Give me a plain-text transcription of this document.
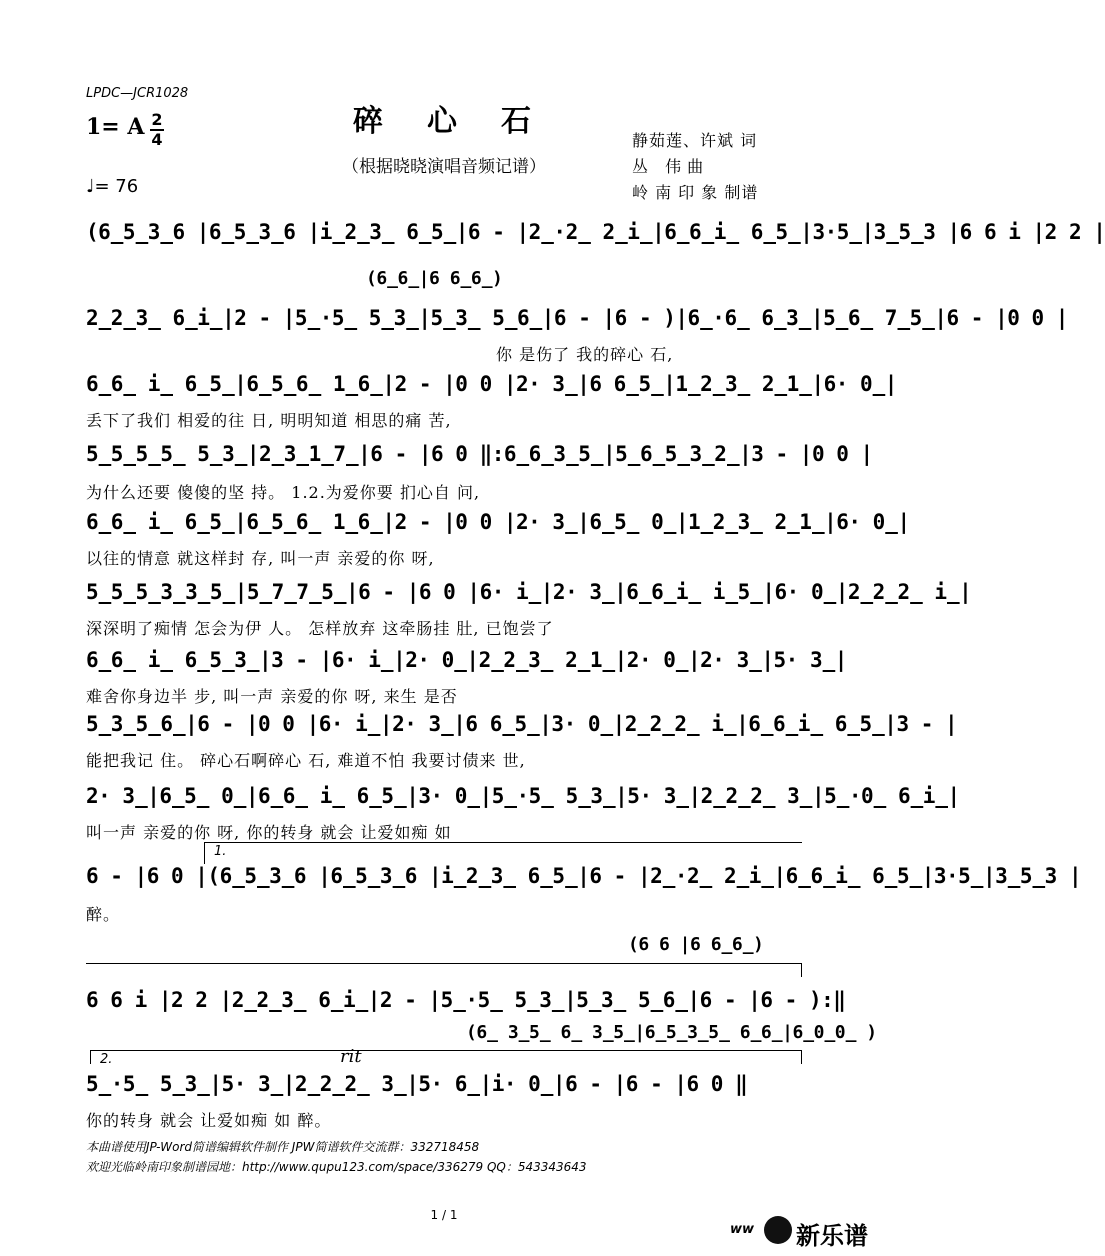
LPDC—JCR1028
1= A 2
4
♩= 76
碎心石
（根据晓晓演唱音频记谱）
静茹莲、许斌 词
丛 伟曲
岭 南 印 象 制谱
(6̲5̲3̲6 |6̲5̲3̲6 |i̲2̲3̲ 6̲5̲|6 - |2̲·2̲ 2̲i̲|6̲6̲i̲ 6̲5̲|3·5̲|3̲5̲3 |6 6 i |2 2 |
(6̲6̲|6 6̲6̲)
2̲2̲3̲ 6̲i̲|2 - |5̲·5̲ 5̲3̲|5̲3̲ 5̲6̲|6 - |6 - )|6̲·6̲ 6̲3̲|5̲6̲ 7̲5̲|6 - |0 0 |
你 是伤了 我的碎心 石,
6̲6̲ i̲ 6̲5̲|6̲5̲6̲ 1̲6̲|2 - |0 0 |2· 3̲|6 6̲5̲|1̲2̲3̲ 2̲1̲|6· 0̲|
丢下了我们 相爱的往 日, 明明知道 相思的痛 苦,
5̲5̲5̲5̲ 5̲3̲|2̲3̲1̲7̲|6 - |6 0 ‖:6̲6̲3̲5̲|5̲6̲5̲3̲2̲|3 - |0 0 |
为什么还要 傻傻的坚 持。 1.2.为爱你要 扪心自 问,
6̲6̲ i̲ 6̲5̲|6̲5̲6̲ 1̲6̲|2 - |0 0 |2· 3̲|6̲5̲ 0̲|1̲2̲3̲ 2̲1̲|6· 0̲|
以往的情意 就这样封 存, 叫一声 亲爱的你 呀,
5̲5̲5̲3̲3̲5̲|5̲7̲7̲5̲|6 - |6 0 |6· i̲|2· 3̲|6̲6̲i̲ i̲5̲|6· 0̲|2̲2̲2̲ i̲|
深深明了痴情 怎会为伊 人。 怎样放弃 这牵肠挂 肚, 已饱尝了
6̲6̲ i̲ 6̲5̲3̲|3 - |6· i̲|2· 0̲|2̲2̲3̲ 2̲1̲|2· 0̲|2· 3̲|5· 3̲|
难舍你身边半 步, 叫一声 亲爱的你 呀, 来生 是否
5̲3̲5̲6̲|6 - |0 0 |6· i̲|2· 3̲|6 6̲5̲|3· 0̲|2̲2̲2̲ i̲|6̲6̲i̲ 6̲5̲|3 - |
能把我记 住。 碎心石啊碎心 石, 难道不怕 我要讨债来 世,
2· 3̲|6̲5̲ 0̲|6̲6̲ i̲ 6̲5̲|3· 0̲|5̲·5̲ 5̲3̲|5· 3̲|2̲2̲2̲ 3̲|5̲·0̲ 6̲i̲|
叫一声 亲爱的你 呀, 你的转身 就会 让爱如痴 如
1.
6 - |6 0 |(6̲5̲3̲6 |6̲5̲3̲6 |i̲2̲3̲ 6̲5̲|6 - |2̲·2̲ 2̲i̲|6̲6̲i̲ 6̲5̲|3·5̲|3̲5̲3 |
醉。
(6 6 |6 6̲6̲)
6 6 i |2 2 |2̲2̲3̲ 6̲i̲|2 - |5̲·5̲ 5̲3̲|5̲3̲ 5̲6̲|6 - |6 - ):‖
(6̲ 3̲5̲ 6̲ 3̲5̲|6̲5̲3̲5̲ 6̲6̲|6̲0̲0̲ )
2.	rit
5̲·5̲ 5̲3̲|5· 3̲|2̲2̲2̲ 3̲|5· 6̲|i· 0̲|6 - |6 - |6 0 ‖
你的转身 就会 让爱如痴 如 醉。
本曲谱使用JP-Word简谱编辑软件制作 JPW简谱软件交流群：332718458
欢迎光临岭南印象制谱园地：http://www.qupu123.com/space/336279 QQ：543343643
1 / 1
ww 新乐谱
